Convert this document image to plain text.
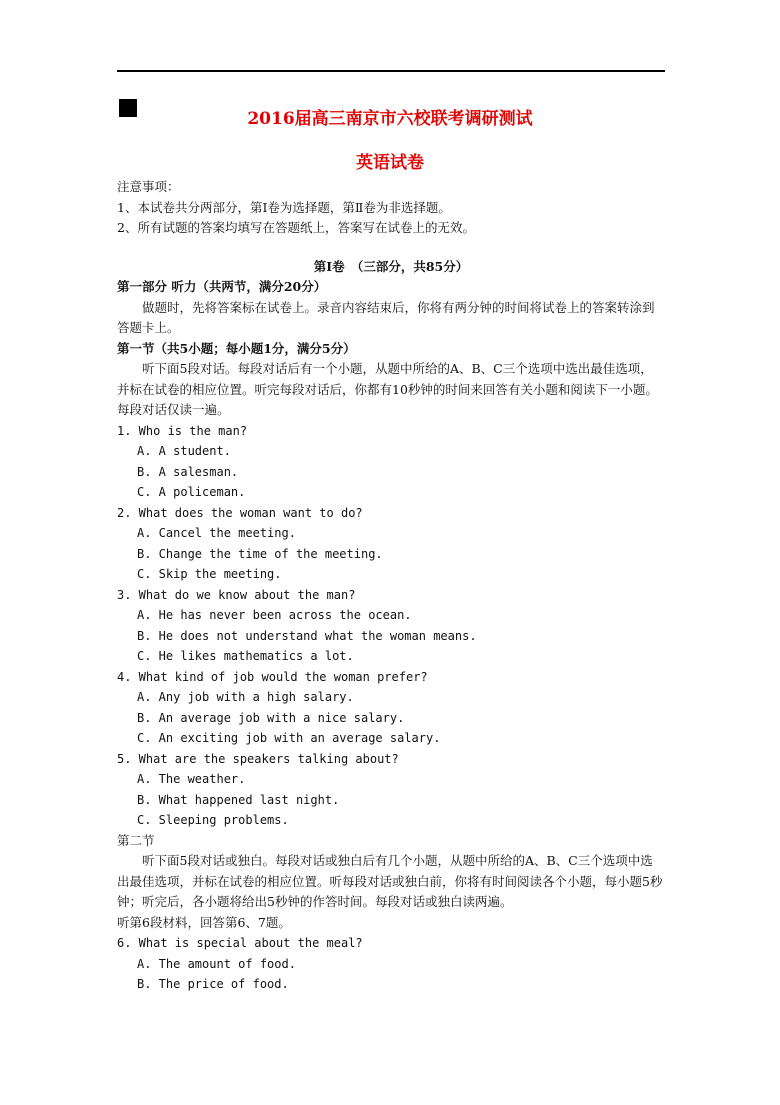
2016届高三南京市六校联考调研测试
英语试卷

注意事项：

1、本试卷共分两部分，第Ⅰ卷为选择题，第Ⅱ卷为非选择题。

2、所有试题的答案均填写在答题纸上，答案写在试卷上的无效。

第Ⅰ卷　（三部分，共85分）

第一部分 听力（共两节，满分20分）

做题时，先将答案标在试卷上。录音内容结束后，你将有两分钟的时间将试卷上的答案转涂到答题卡上。

第一节（共5小题；每小题1分，满分5分）

听下面5段对话。每段对话后有一个小题，从题中所给的A、B、C三个选项中选出最佳选项，并标在试卷的相应位置。听完每段对话后，你都有10秒钟的时间来回答有关小题和阅读下一小题。每段对话仅读一遍。

1. Who is the man?

A. A student.

B. A salesman.

C. A policeman.

2. What does the woman want to do?

A. Cancel the meeting.

B. Change the time of the meeting.

C. Skip the meeting.

3. What do we know about the man?

A. He has never been across the ocean.

B. He does not understand what the woman means.

C. He likes mathematics a lot.

4. What kind of job would the woman prefer?

A. Any job with a high salary.

B. An average job with a nice salary.

C. An exciting job with an average salary.

5. What are the speakers talking about?

A. The weather.

B. What happened last night.

C. Sleeping problems.

第二节

听下面5段对话或独白。每段对话或独白后有几个小题，从题中所给的A、B、C三个选项中选出最佳选项，并标在试卷的相应位置。听每段对话或独白前，你将有时间阅读各个小题，每小题5秒钟；听完后，各小题将给出5秒钟的作答时间。每段对话或独白读两遍。

听第6段材料，回答第6、7题。

6. What is special about the meal?

A. The amount of food.

B. The price of food.
